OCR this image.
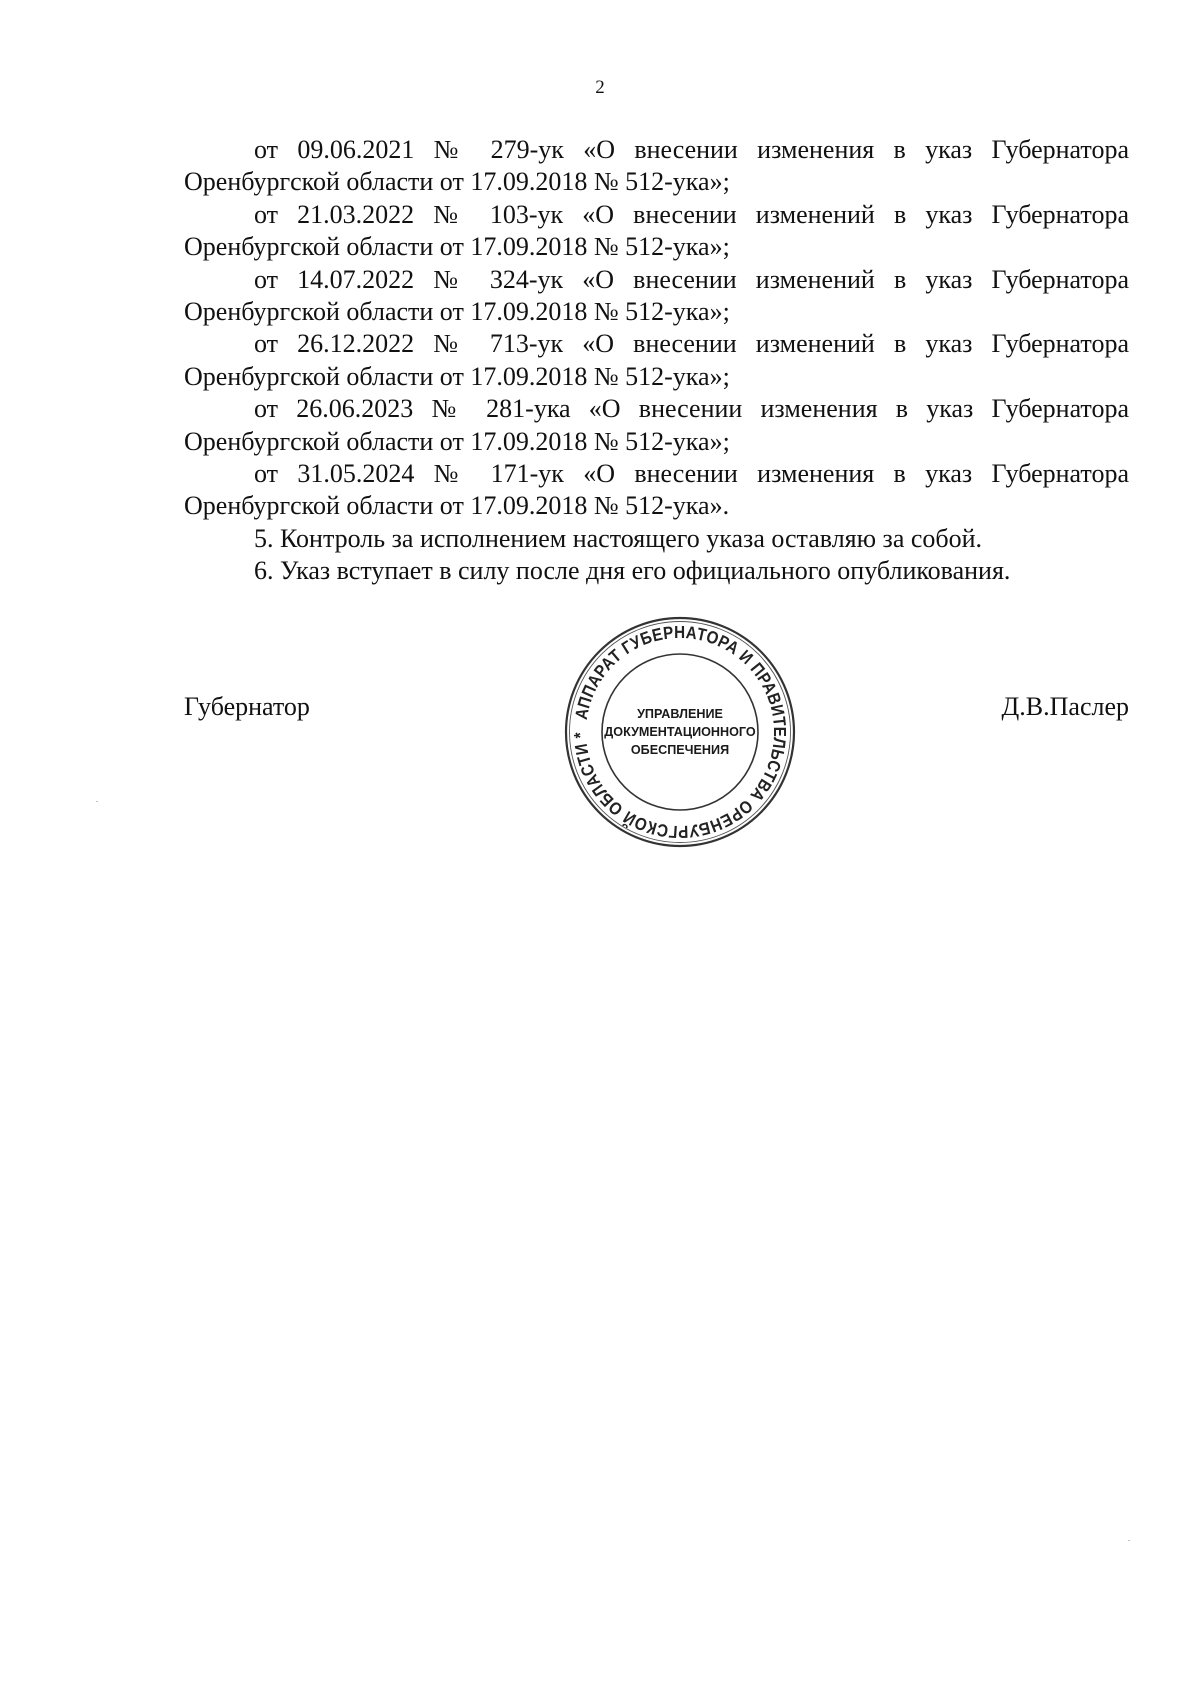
2

от 09.06.2021 № 279-ук «О внесении изменения в указ Губернатора Оренбургской области от 17.09.2018 № 512-ука»;

от 21.03.2022 № 103-ук «О внесении изменений в указ Губернатора Оренбургской области от 17.09.2018 № 512-ука»;

от 14.07.2022 № 324-ук «О внесении изменений в указ Губернатора Оренбургской области от 17.09.2018 № 512-ука»;

от 26.12.2022 № 713-ук «О внесении изменений в указ Губернатора Оренбургской области от 17.09.2018 № 512-ука»;

от 26.06.2023 № 281-ука «О внесении изменения в указ Губернатора Оренбургской области от 17.09.2018 № 512-ука»;

от 31.05.2024 № 171-ук «О внесении изменения в указ Губернатора Оренбургской области от 17.09.2018 № 512-ука».

5. Контроль за исполнением настоящего указа оставляю за собой.

6. Указ вступает в силу после дня его официального опубликования.

Губернатор	Д.В.Паслер
АППАРАТ ГУБЕРНАТОРА И ПРАВИТЕЛЬСТВА ОРЕНБУРГСКОЙ ОБЛАСТИ *
УПРАВЛЕНИЕ
ДОКУМЕНТАЦИОННОГО
ОБЕСПЕЧЕНИЯ
